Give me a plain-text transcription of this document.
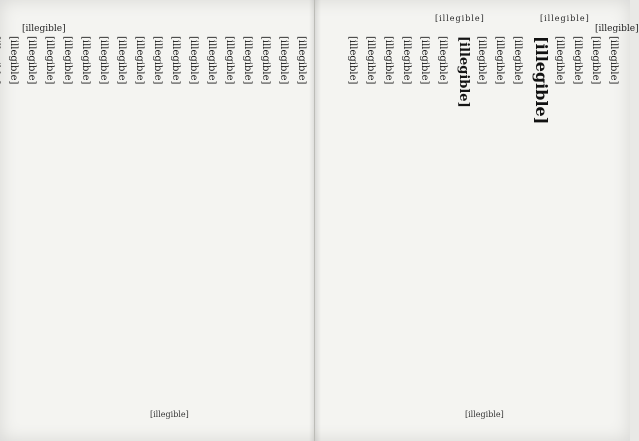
[illegible]
[illegible]
[illegible]
[illegible]
[illegible]
[illegible]
[illegible]
[illegible]
[illegible]
[illegible]
[illegible]
[illegible]
[illegible]
[illegible]
[illegible]
[illegible]
[illegible]
[illegible]
[illegible]
[illegible]
[illegible]
[illegible]
[illegible]
[illegible]
[illegible]
[illegible]
[illegible]
[illegible]
[illegible]
[illegible]
[illegible]
[illegible]
[illegible]
[illegible]
[illegible]
[illegible]
[illegible]
[illegible]
